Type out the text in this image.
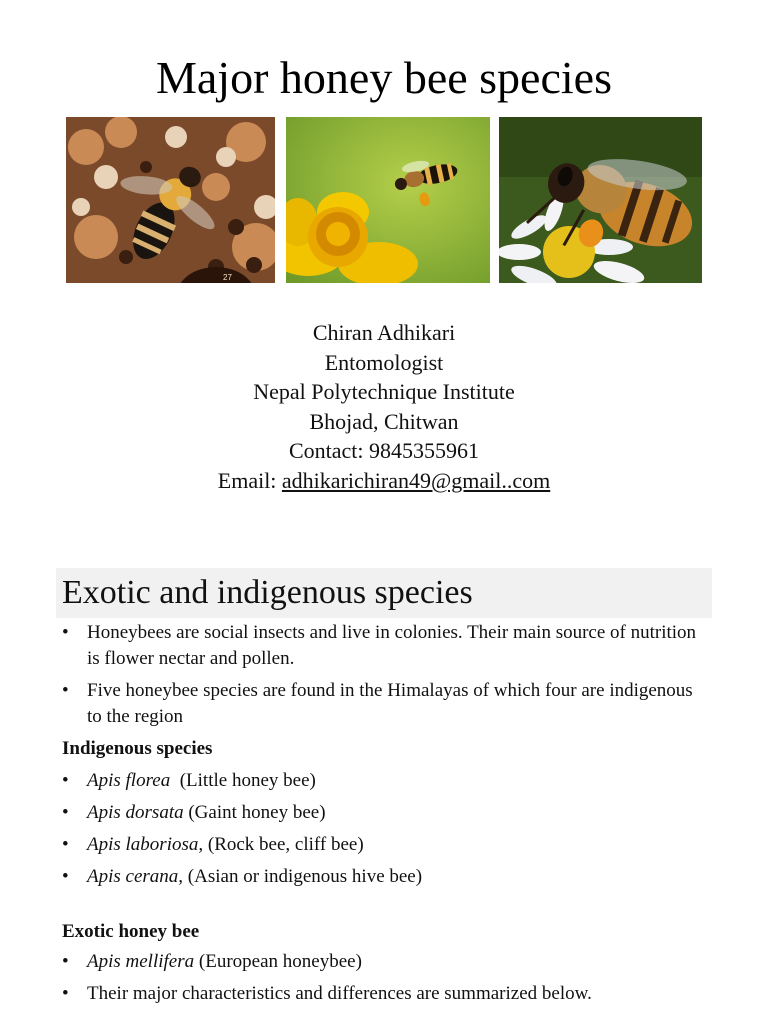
Major honey bee species
27
Chiran Adhikari
Entomologist
Nepal Polytechnique Institute
Bhojad, Chitwan
Contact: 9845355961
Email: adhikarichiran49@gmail..com
Exotic and indigenous species
• Honeybees are social insects and live in colonies. Their main source of nutrition is flower nectar and pollen.
• Five honeybee species are found in the Himalayas of which four are indigenous to the region

Indigenous species

• Apis florea  (Little honey bee)
• Apis dorsata (Gaint honey bee)
• Apis laboriosa, (Rock bee, cliff bee)
• Apis cerana, (Asian or indigenous hive bee)

Exotic honey bee

• Apis mellifera (European honeybee)
• Their major characteristics and differences are summarized below.
